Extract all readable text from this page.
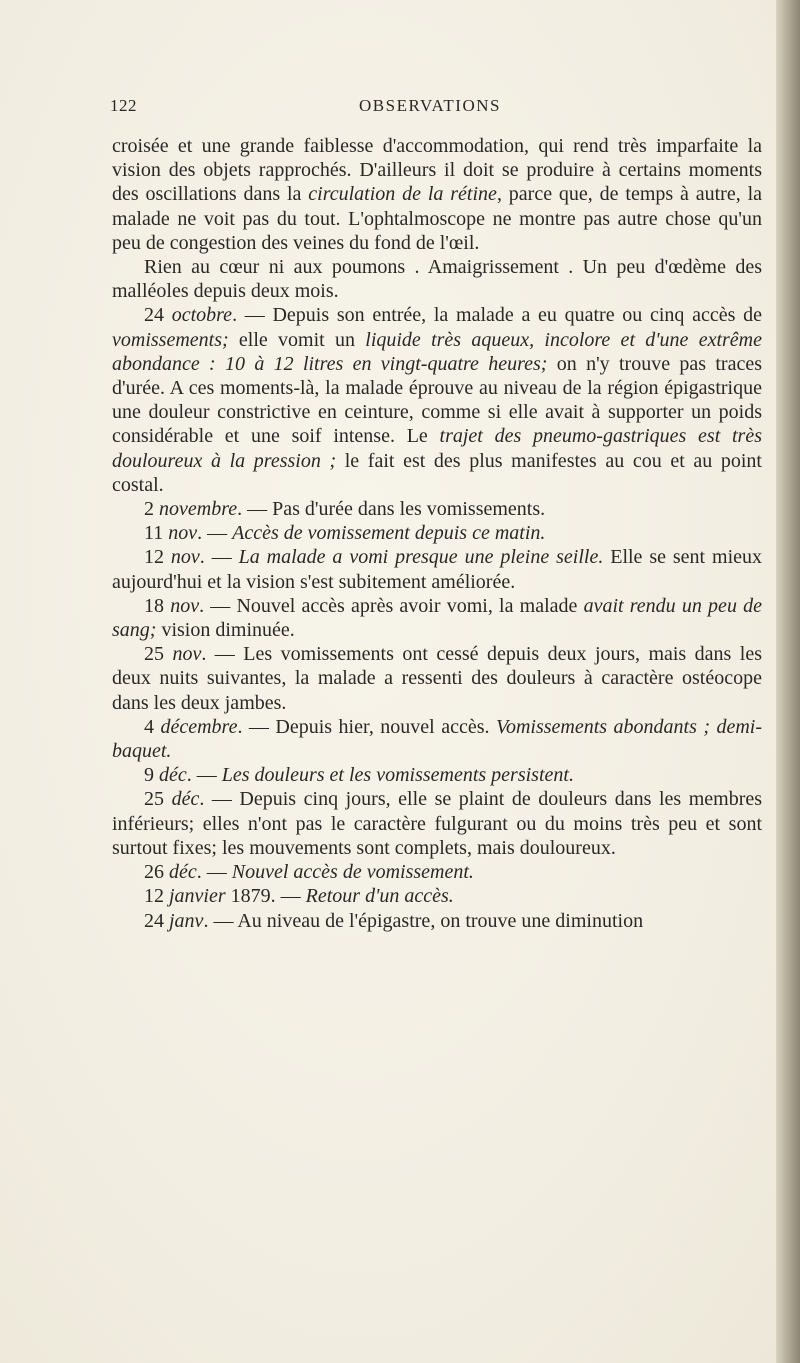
122	OBSERVATIONS

croisée et une grande faiblesse d'accommodation, qui rend très imparfaite la vision des objets rapprochés. D'ailleurs il doit se produire à certains moments des oscillations dans la circulation de la rétine, parce que, de temps à autre, la malade ne voit pas du tout. L'ophtalmoscope ne montre pas autre chose qu'un peu de congestion des veines du fond de l'œil.

Rien au cœur ni aux poumons . Amaigrissement . Un peu d'œdème des malléoles depuis deux mois.

24 octobre. — Depuis son entrée, la malade a eu quatre ou cinq accès de vomissements; elle vomit un liquide très aqueux, incolore et d'une extrême abondance : 10 à 12 litres en vingt-quatre heures; on n'y trouve pas traces d'urée. A ces moments-là, la malade éprouve au niveau de la région épigastrique une douleur constrictive en ceinture, comme si elle avait à supporter un poids considérable et une soif intense. Le trajet des pneumo-gastriques est très douloureux à la pression ; le fait est des plus manifestes au cou et au point costal.

2 novembre. — Pas d'urée dans les vomissements.

11 nov. — Accès de vomissement depuis ce matin.

12 nov. — La malade a vomi presque une pleine seille. Elle se sent mieux aujourd'hui et la vision s'est subitement améliorée.

18 nov. — Nouvel accès après avoir vomi, la malade avait rendu un peu de sang; vision diminuée.

25 nov. — Les vomissements ont cessé depuis deux jours, mais dans les deux nuits suivantes, la malade a ressenti des douleurs à caractère ostéocope dans les deux jambes.

4 décembre. — Depuis hier, nouvel accès. Vomissements abondants ; demi-baquet.

9 déc. — Les douleurs et les vomissements persistent.

25 déc. — Depuis cinq jours, elle se plaint de douleurs dans les membres inférieurs; elles n'ont pas le caractère fulgurant ou du moins très peu et sont surtout fixes; les mouvements sont complets, mais douloureux.

26 déc. — Nouvel accès de vomissement.

12 janvier 1879. — Retour d'un accès.

24 janv. — Au niveau de l'épigastre, on trouve une diminution
